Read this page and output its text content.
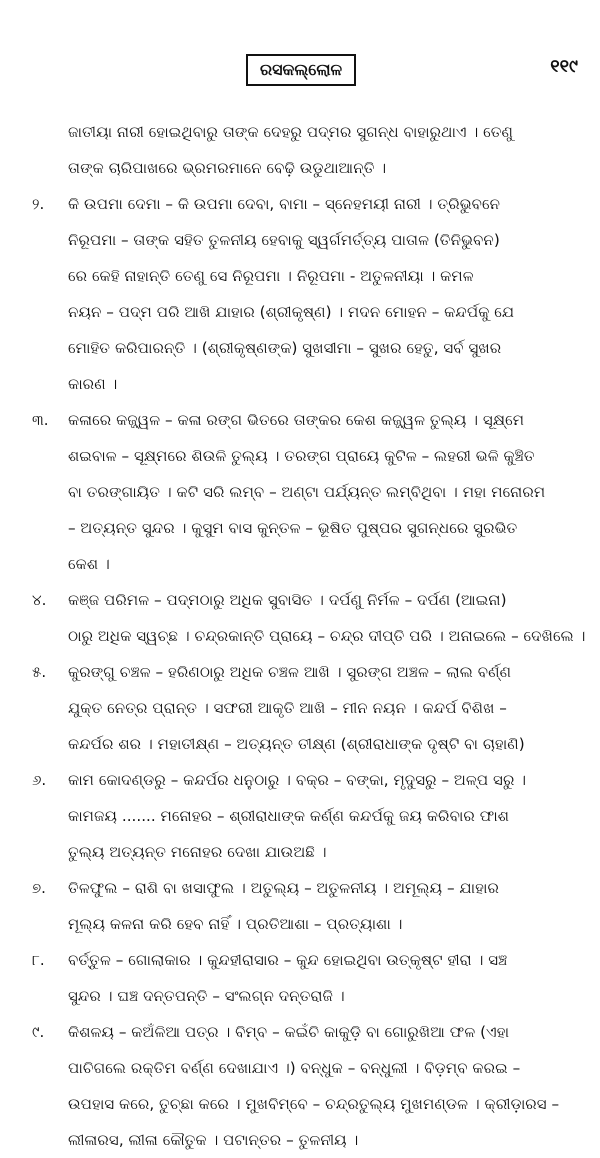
ରସକଲ୍ଲୋଳ	୧୧୯
ଜାତୀୟା ନାରୀ ହୋଇଥିବାରୁ ତାଙ୍କ ଦେହରୁ ପଦ୍ମର ସୁଗନ୍ଧ ବାହାରୁଥାଏ । ତେଣୁ
ତାଙ୍କ ଚାରିପାଖରେ ଭ୍ରମରମାନେ ବେଢ଼ି ଉଡୁଥାଆନ୍ତି ।
୨.	କି ଉପମା ଦେମା – କି ଉପମା ଦେବା, ବାମା – ସ୍ନେହମୟୀ ନାରୀ । ତ୍ରିଭୁବନେ
ନିରୂପମା – ତାଙ୍କ ସହିତ ତୁଳନୀୟ ହେବାକୁ ସ୍ୱର୍ଗମର୍ତ୍ତ୍ୟ ପାତାଳ (ତିନିଭୁବନ)
ରେ କେହି ନାହାନ୍ତି ତେଣୁ ସେ ନିରୂପମା । ନିରୂପମା - ଅତୁଳନୀୟା । କମଳ
ନୟନ – ପଦ୍ମ ପରି ଆଖି ଯାହାର (ଶ୍ରୀକୃଷ୍ଣ) । ମଦନ ମୋହନ – କନ୍ଦର୍ପକୁ ଯେ
ମୋହିତ କରିପାରନ୍ତି । (ଶ୍ରୀକୃଷ୍ଣଙ୍କ) ସୁଖସୀମା – ସୁଖର ହେତୁ, ସର୍ବ ସୁଖର
କାରଣ ।
୩.	କଳାରେ କଜ୍ଜ୍ୱଳ – କଳା ରଙ୍ଗ ଭିତରେ ତାଙ୍କର କେଶ କଜ୍ଜ୍ୱଳ ତୁଲ୍ୟ । ସୂକ୍ଷ୍ମେ
ଶଇବାଳ – ସୂକ୍ଷ୍ମରେ ଶିଉଳି ତୁଲ୍ୟ । ତରଙ୍ଗ ପ୍ରାୟେ କୁଟିଳ – ଲହରୀ ଭଳି କୁଞ୍ଚିତ
ବା ତରଙ୍ଗାୟିତ । କଟି ସରି ଲମ୍ବ – ଅଣ୍ଟା ପର୍ଯ୍ୟନ୍ତ ଲମ୍ବିଥିବା । ମହା ମନୋରମ
– ଅତ୍ୟନ୍ତ ସୁନ୍ଦର । କୁସୁମ ବାସ କୁନ୍ତଳ – ଭୂଷିତ ପୁଷ୍ପର ସୁଗନ୍ଧରେ ସୁରଭିତ
କେଶ ।
୪.	କଞ୍ଜ ପରିମଳ – ପଦ୍ମଠାରୁ ଅଧିକ ସୁବାସିତ । ଦର୍ପଣୁ ନିର୍ମଳ – ଦର୍ପଣ (ଆଇନା)
ଠାରୁ ଅଧିକ ସ୍ୱଚ୍ଛ । ଚନ୍ଦ୍ରକାନ୍ତି ପ୍ରାୟେ – ଚନ୍ଦ୍ର ଦୀପ୍ତି ପରି । ଅନାଇଲେ – ଦେଖିଲେ ।
୫.	କୁରଙ୍ଗୁ ଚଞ୍ଚଳ – ହରିଣଠାରୁ ଅଧିକ ଚଞ୍ଚଳ ଆଖି । ସୁରଙ୍ଗ ଅଞ୍ଚଳ – ଲାଲ ବର୍ଣ୍ଣ
ଯୁକ୍ତ ନେତ୍ର ପ୍ରାନ୍ତ । ସଫରୀ ଆକୃତି ଆଖି – ମୀନ ନୟନ । କନ୍ଦର୍ପ ବିଶିଖ –
କନ୍ଦର୍ପର ଶର । ମହାତୀକ୍ଷ୍ଣ – ଅତ୍ୟନ୍ତ ତୀକ୍ଷ୍ଣ (ଶ୍ରୀରାଧାଙ୍କ ଦୃଷ୍ଟି ବା ଚାହାଣି)
୬.	କାମ କୋଦଣ୍ଡରୁ – କନ୍ଦର୍ପର ଧନୁଠାରୁ । ବକ୍ର – ବଙ୍କା, ମୃଦୁସରୁ – ଅଳ୍ପ ସରୁ ।
କାମଜୟ ....... ମନୋହର – ଶ୍ରୀରାଧାଙ୍କ କର୍ଣ୍ଣ କନ୍ଦର୍ପକୁ ଜୟ କରିବାର ଫାଶ
ତୁଲ୍ୟ ଅତ୍ୟନ୍ତ ମନୋହର ଦେଖା ଯାଉଅଛି ।
୭.	ତିଳଫୁଲ – ରାଶି ବା ଖସାଫୁଲ । ଅତୁଲ୍ୟ – ଅତୁଳନୀୟ । ଅମୂଲ୍ୟ – ଯାହାର
ମୂଲ୍ୟ କଳନା କରି ହେବ ନାହିଁ । ପ୍ରତିଆଶା – ପ୍ରତ୍ୟାଶା ।
୮.	ବର୍ତ୍ତୁଳ – ଗୋଲାକାର । କୁନ୍ଦହୀରାସାର – କୁନ୍ଦ ହୋଇଥିବା ଉତ୍କୃଷ୍ଟ ହୀରା । ସଞ୍ଚ
ସୁନ୍ଦର । ଘଞ୍ଚ ଦନ୍ତପନ୍ତି – ସଂଲଗ୍ନ ଦନ୍ତରାଜି ।
୯.	କିଶଳୟ – କଅଁଳିଆ ପତ୍ର । ବିମ୍ବ – କଇଁଚି କାକୁଡ଼ି ବା ଗୋରୁଖିଆ ଫଳ (ଏହା
ପାଚିଗଲେ ରକ୍ତିମ ବର୍ଣ୍ଣ ଦେଖାଯାଏ ।) ବନ୍ଧୁକ – ବନ୍ଧୁଲୀ । ବିଡ଼ମ୍ବ କରଇ –
ଉପହାସ କରେ, ତୁଚ୍ଛା କରେ । ମୁଖବିମ୍ବେ – ଚନ୍ଦ୍ରତୁଲ୍ୟ ମୁଖମଣ୍ଡଳ । କ୍ରୀଡ଼ାରସ –
ଲୀଳାରସ, ଲୀଳା କୌତୁକ । ପଟାନ୍ତର – ତୁଳନୀୟ ।
